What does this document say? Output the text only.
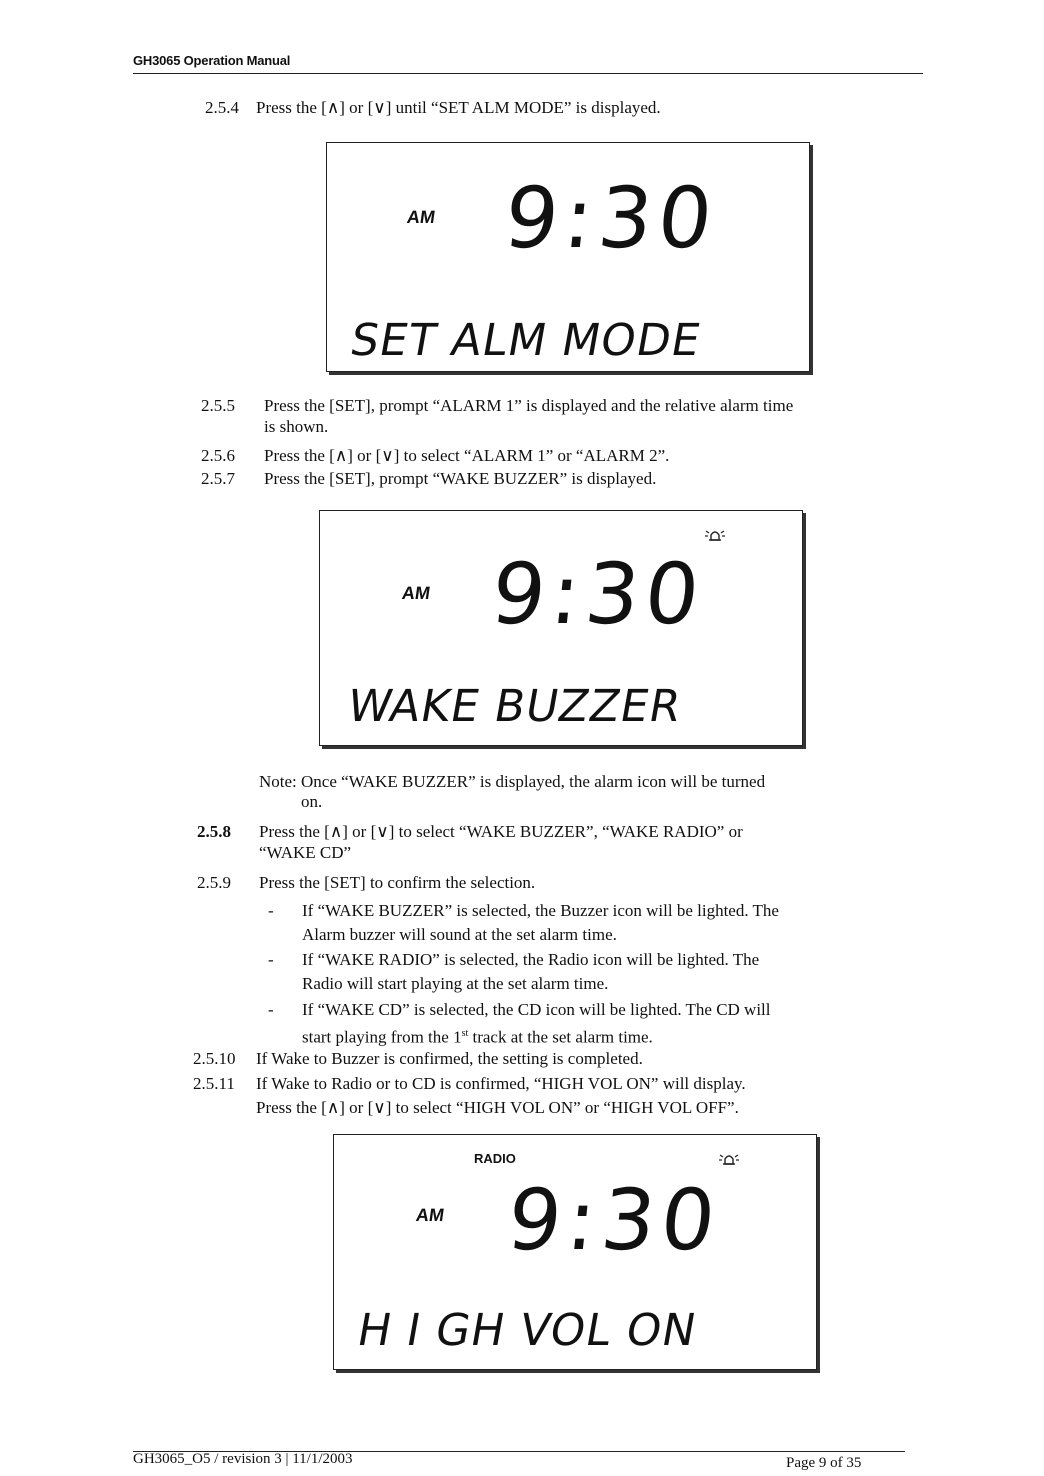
GH3065 Operation Manual
2.5.4 Press the [∧] or [∨] until “SET ALM MODE” is displayed.
AM 9:30
SET ALM MODE
2.5.5 Press the [SET], prompt “ALARM 1” is displayed and the relative alarm time
is shown.
2.5.6 Press the [∧] or [∨] to select “ALARM 1” or “ALARM 2”.
2.5.7 Press the [SET], prompt “WAKE BUZZER” is displayed.
AM 9:30
WAKE BUZZER
Note: Once “WAKE BUZZER” is displayed, the alarm icon will be turned
on.
2.5.8 Press the [∧] or [∨] to select “WAKE BUZZER”, “WAKE RADIO” or
“WAKE CD”
2.5.9 Press the [SET] to confirm the selection.
- If “WAKE BUZZER” is selected, the Buzzer icon will be lighted. The
Alarm buzzer will sound at the set alarm time.
- If “WAKE RADIO” is selected, the Radio icon will be lighted. The
Radio will start playing at the set alarm time.
- If “WAKE CD” is selected, the CD icon will be lighted. The CD will
start playing from the 1st track at the set alarm time.
2.5.10 If Wake to Buzzer is confirmed, the setting is completed.
2.5.11 If Wake to Radio or to CD is confirmed, “HIGH VOL ON” will display.
Press the [∧] or [∨] to select “HIGH VOL ON” or “HIGH VOL OFF”.
RADIO
AM 9:30
H I GH VOL ON
GH3065_O5 / revision 3 | 11/1/2003	Page 9 of 35
